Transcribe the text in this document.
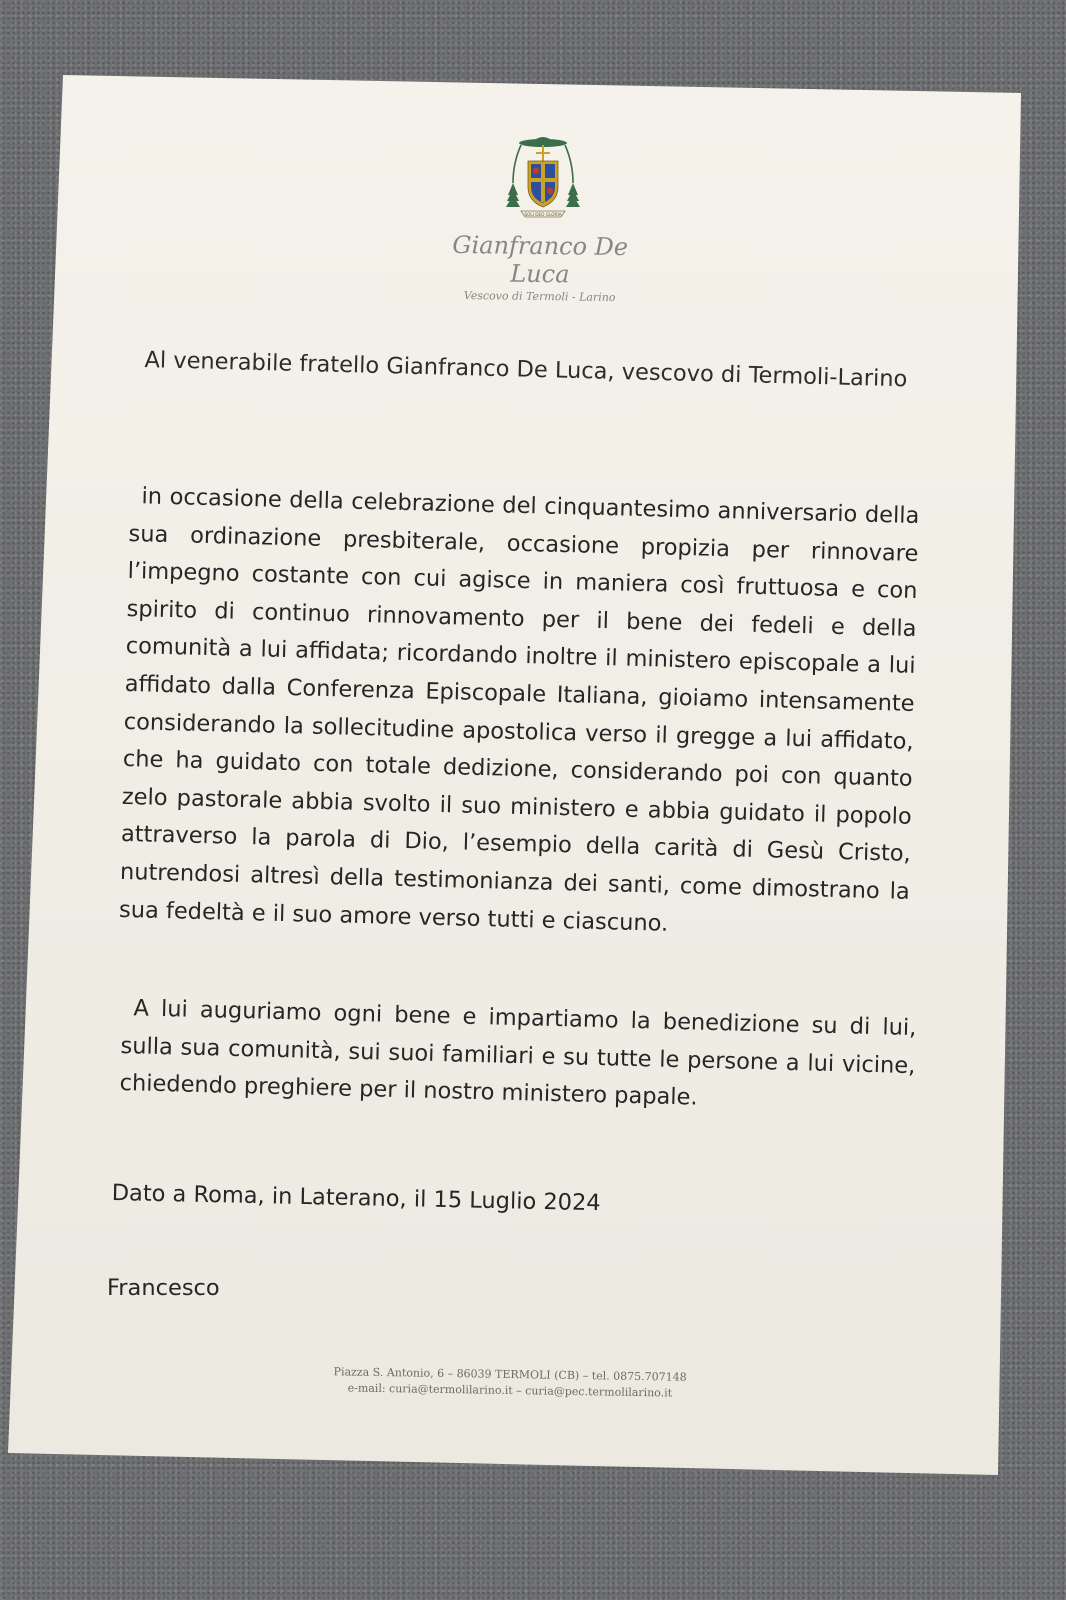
SOLI DEO GLORIA
Gianfranco De Luca
Vescovo di Termoli - Larino

Al venerabile fratello Gianfranco De Luca, vescovo di Termoli-Larino

in occasione della celebrazione del cinquantesimo anniversario della sua ordinazione presbiterale, occasione propizia per rinnovare l’impegno costante con cui agisce in maniera così fruttuosa e con spirito di continuo rinnovamento per il bene dei fedeli e della comunità a lui affidata; ricordando inoltre il ministero episcopale a lui affidato dalla Conferenza Episcopale Italiana, gioiamo intensamente considerando la sollecitudine apostolica verso il gregge a lui affidato, che ha guidato con totale dedizione, considerando poi con quanto zelo pastorale abbia svolto il suo ministero e abbia guidato il popolo attraverso la parola di Dio, l’esempio della carità di Gesù Cristo, nutrendosi altresì della testimonianza dei santi, come dimostrano la sua fedeltà e il suo amore verso tutti e ciascuno.

A lui auguriamo ogni bene e impartiamo la benedizione su di lui, sulla sua comunità, sui suoi familiari e su tutte le persone a lui vicine, chiedendo preghiere per il nostro ministero papale.

Dato a Roma, in Laterano, il 15 Luglio 2024
Francesco
Piazza S. Antonio, 6 – 86039 TERMOLI (CB) – tel. 0875.707148
e-mail: curia@termolilarino.it – curia@pec.termolilarino.it
